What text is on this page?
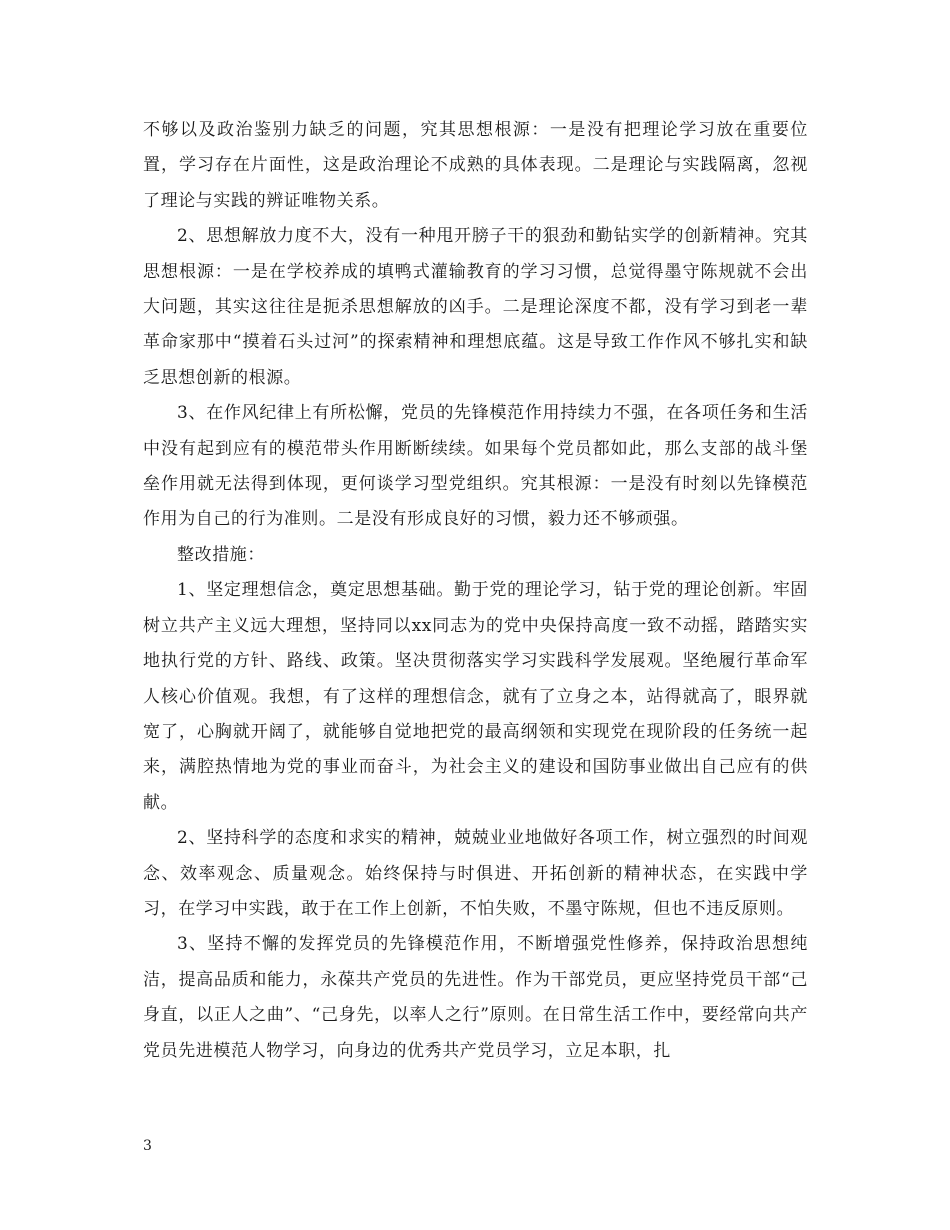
不够以及政治鉴别力缺乏的问题，究其思想根源：一是没有把理论学习放在重要位置，学习存在片面性，这是政治理论不成熟的具体表现。二是理论与实践隔离，忽视了理论与实践的辨证唯物关系。

2、思想解放力度不大，没有一种甩开膀子干的狠劲和勤钻实学的创新精神。究其思想根源：一是在学校养成的填鸭式灌输教育的学习习惯，总觉得墨守陈规就不会出大问题，其实这往往是扼杀思想解放的凶手。二是理论深度不都，没有学习到老一辈革命家那中“摸着石头过河”的探索精神和理想底蕴。这是导致工作作风不够扎实和缺乏思想创新的根源。

3、在作风纪律上有所松懈，党员的先锋模范作用持续力不强，在各项任务和生活中没有起到应有的模范带头作用断断续续。如果每个党员都如此，那么支部的战斗堡垒作用就无法得到体现，更何谈学习型党组织。究其根源：一是没有时刻以先锋模范作用为自己的行为准则。二是没有形成良好的习惯，毅力还不够顽强。

整改措施：

1、坚定理想信念，奠定思想基础。勤于党的理论学习，钻于党的理论创新。牢固树立共产主义远大理想，坚持同以xx同志为的党中央保持高度一致不动摇，踏踏实实地执行党的方针、路线、政策。坚决贯彻落实学习实践科学发展观。坚绝履行革命军人核心价值观。我想，有了这样的理想信念，就有了立身之本，站得就高了，眼界就宽了，心胸就开阔了，就能够自觉地把党的最高纲领和实现党在现阶段的任务统一起来，满腔热情地为党的事业而奋斗，为社会主义的建设和国防事业做出自己应有的供献。

2、坚持科学的态度和求实的精神，兢兢业业地做好各项工作，树立强烈的时间观念、效率观念、质量观念。始终保持与时俱进、开拓创新的精神状态，在实践中学习，在学习中实践，敢于在工作上创新，不怕失败，不墨守陈规，但也不违反原则。

3、坚持不懈的发挥党员的先锋模范作用，不断增强党性修养，保持政治思想纯洁，提高品质和能力，永葆共产党员的先进性。作为干部党员，更应坚持党员干部“己身直，以正人之曲”、“己身先，以率人之行”原则。在日常生活工作中，要经常向共产党员先进模范人物学习，向身边的优秀共产党员学习，立足本职，扎

3
